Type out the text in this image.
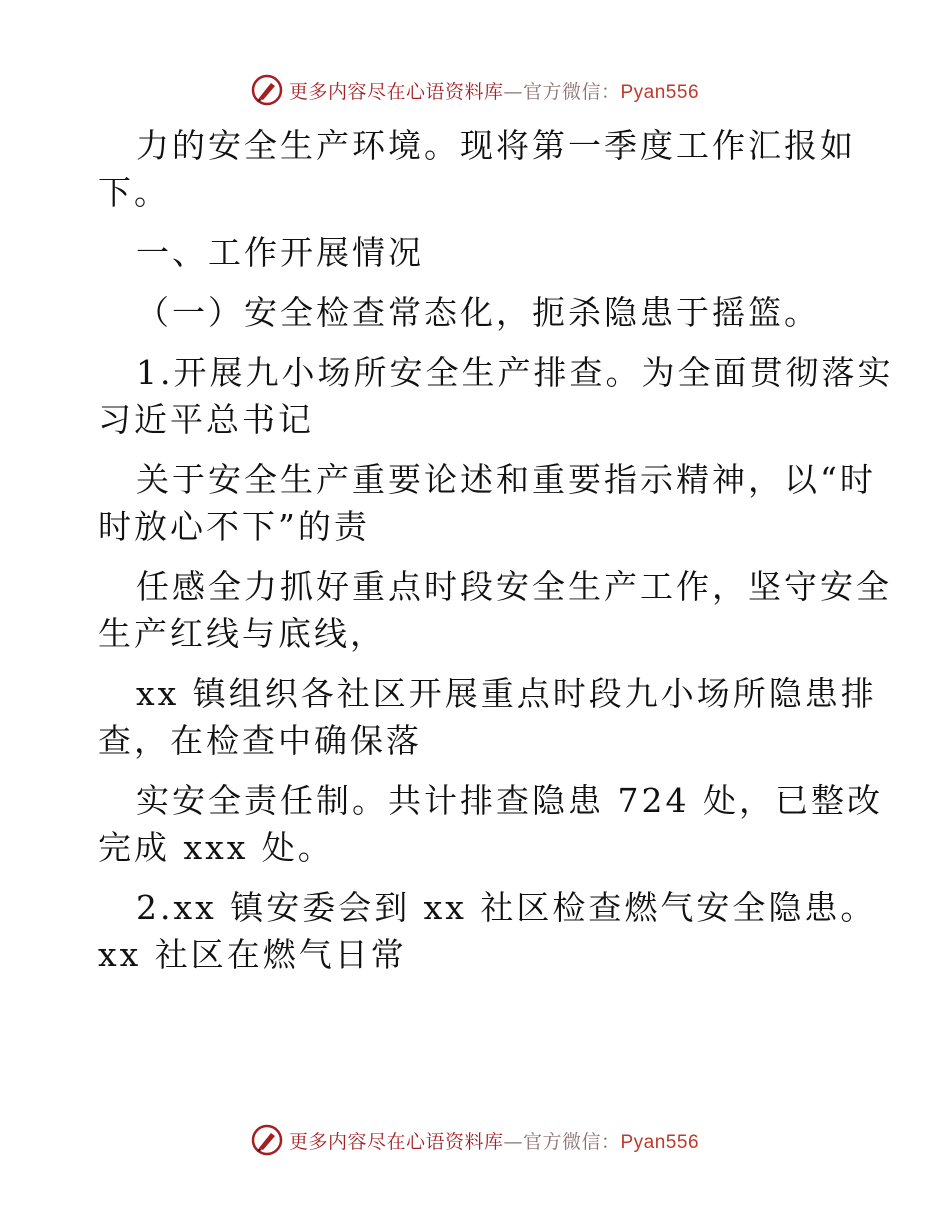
更多内容尽在心语资料库—官方微信：Pyan556

力的安全生产环境。现将第一季度工作汇报如

下。

一、工作开展情况

（一）安全检查常态化，扼杀隐患于摇篮。

1.开展九小场所安全生产排查。为全面贯彻落实

习近平总书记

关于安全生产重要论述和重要指示精神，以“时

时放心不下”的责

任感全力抓好重点时段安全生产工作，坚守安全

生产红线与底线，

xx 镇组织各社区开展重点时段九小场所隐患排

查，在检查中确保落

实安全责任制。共计排查隐患 724 处，已整改

完成 xxx 处。

2.xx 镇安委会到 xx 社区检查燃气安全隐患。

xx 社区在燃气日常

更多内容尽在心语资料库—官方微信：Pyan556
